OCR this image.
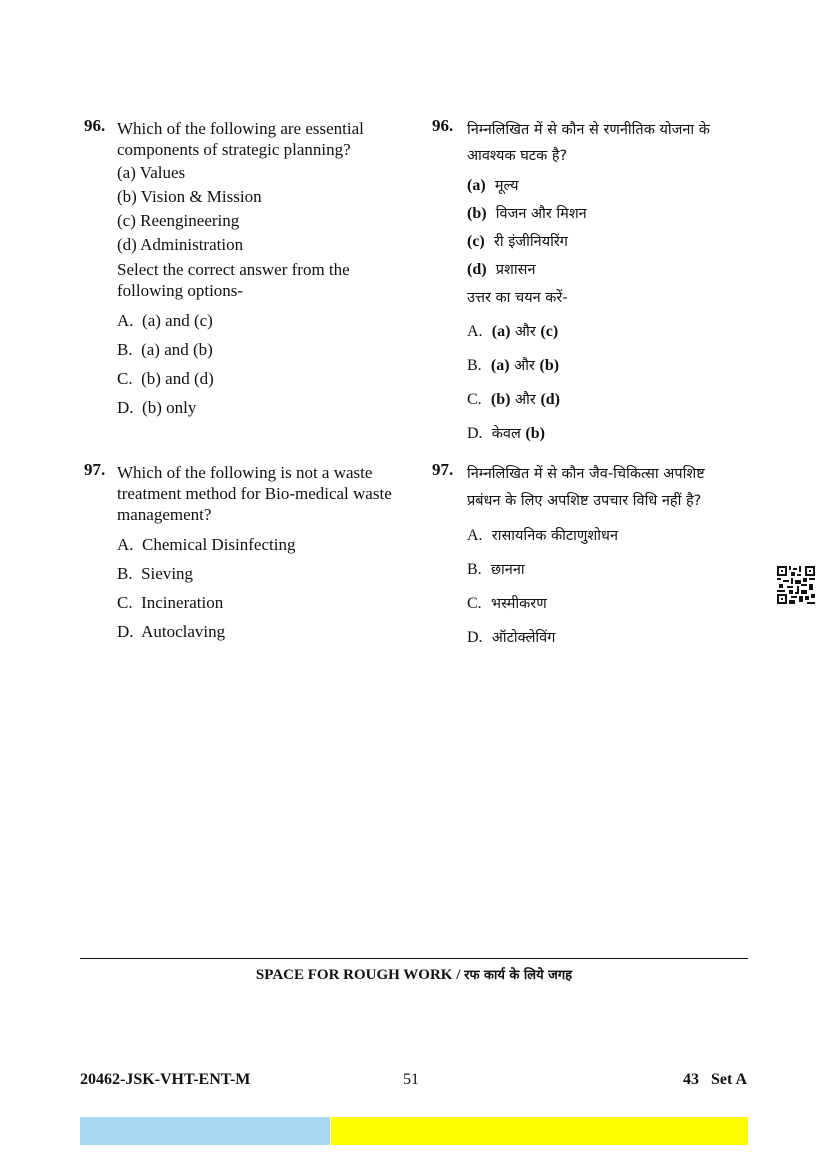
96. Which of the following are essential components of strategic planning?
(a) Values
(b) Vision & Mission
(c) Reengineering
(d) Administration
Select the correct answer from the following options-
A. (a) and (c)
B. (a) and (b)
C. (b) and (d)
D. (b) only
97. Which of the following is not a waste treatment method for Bio-medical waste management?
A. Chemical Disinfecting
B. Sieving
C. Incineration
D. Autoclaving
96. निम्नलिखित में से कौन से रणनीतिक योजना के आवश्यक घटक है?
(a) मूल्य
(b) विजन और मिशन
(c) री इंजीनियरिंग
(d) प्रशासन
उत्तर का चयन करें-
A. (a) और (c)
B. (a) और (b)
C. (b) और (d)
D. केवल (b)
97. निम्नलिखित में से कौन जैव-चिकित्सा अपशिष्ट प्रबंधन के लिए अपशिष्ट उपचार विधि नहीं है?
A. रासायनिक कीटाणुशोधन
B. छानना
C. भस्मीकरण
D. ऑटोक्लेविंग
SPACE FOR ROUGH WORK / रफ कार्य के लिये जगह
20462-JSK-VHT-ENT-M	51	43   Set A
